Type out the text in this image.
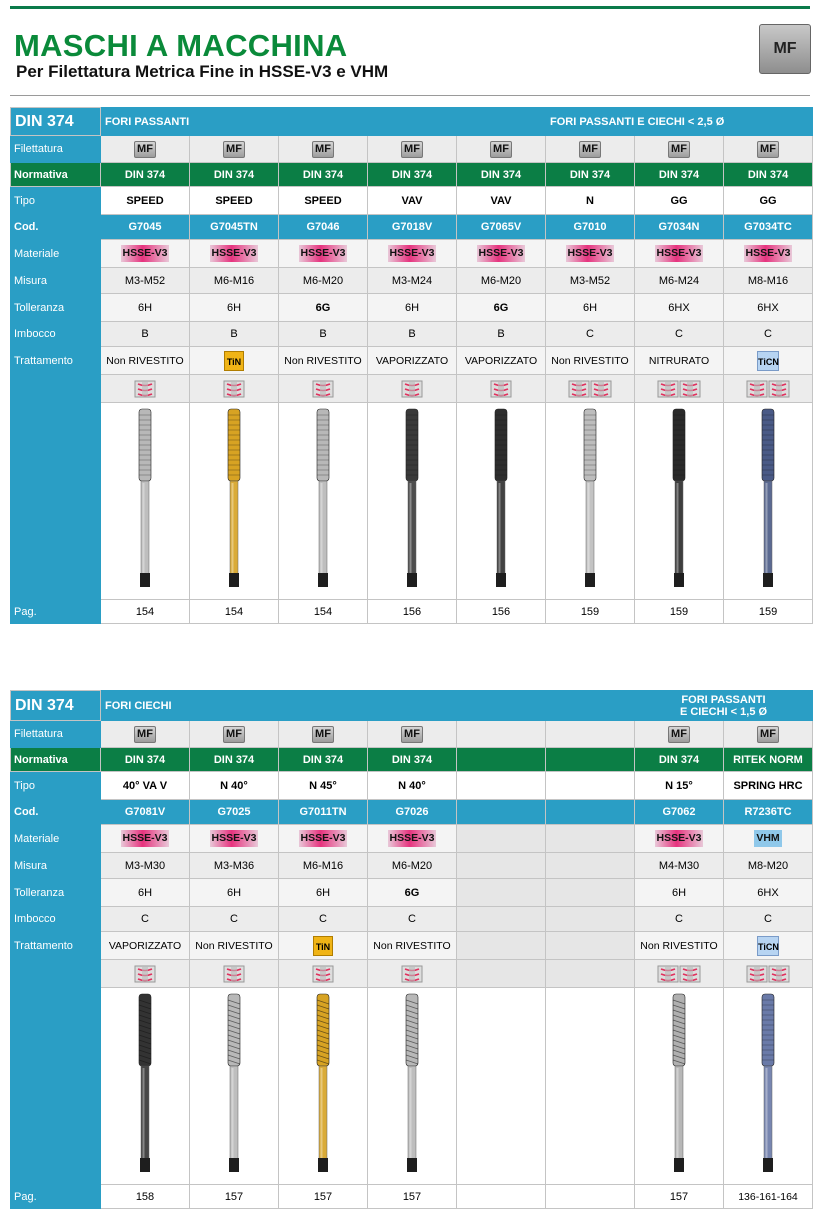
MASCHI A MACCHINA
Per Filettatura Metrica Fine in HSSE-V3 e VHM
MF
DIN 374	FORI PASSANTI					FORI PASSANTI E CIECHI < 2,5 Ø		
Filettatura	MF	MF	MF	MF	MF	MF	MF	MF
Normativa	DIN 374	DIN 374	DIN 374	DIN 374	DIN 374	DIN 374	DIN 374	DIN 374
Tipo	SPEED	SPEED	SPEED	VAV	VAV	N	GG	GG
Cod.	G7045	G7045TN	G7046	G7018V	G7065V	G7010	G7034N	G7034TC
Materiale	HSSE-V3	HSSE-V3	HSSE-V3	HSSE-V3	HSSE-V3	HSSE-V3	HSSE-V3	HSSE-V3
Misura	M3-M52	M6-M16	M6-M20	M3-M24	M6-M20	M3-M52	M6-M24	M8-M16
Tolleranza	6H	6H	6G	6H	6G	6H	6HX	6HX
Imbocco	B	B	B	B	B	C	C	C
Trattamento	Non RIVESTITO	TiN	Non RIVESTITO	VAPORIZZATO	VAPORIZZATO	Non RIVESTITO	NITRURATO	TiCN

Pag.	154	154	154	156	156	159	159	159
DIN 374	FORI CIECHI						FORI PASSANTI
E CIECHI < 1,5 Ø	
Filettatura	MF	MF	MF	MF			MF	MF
Normativa	DIN 374	DIN 374	DIN 374	DIN 374			DIN 374	RITEK NORM
Tipo	40° VA V	N 40°	N 45°	N 40°			N 15°	SPRING HRC
Cod.	G7081V	G7025	G7011TN	G7026			G7062	R7236TC
Materiale	HSSE-V3	HSSE-V3	HSSE-V3	HSSE-V3			HSSE-V3	VHM
Misura	M3-M30	M3-M36	M6-M16	M6-M20			M4-M30	M8-M20
Tolleranza	6H	6H	6H	6G			6H	6HX
Imbocco	C	C	C	C			C	C
Trattamento	VAPORIZZATO	Non RIVESTITO	TiN	Non RIVESTITO			Non RIVESTITO	TiCN

Pag.	158	157	157	157			157	136-161-164
